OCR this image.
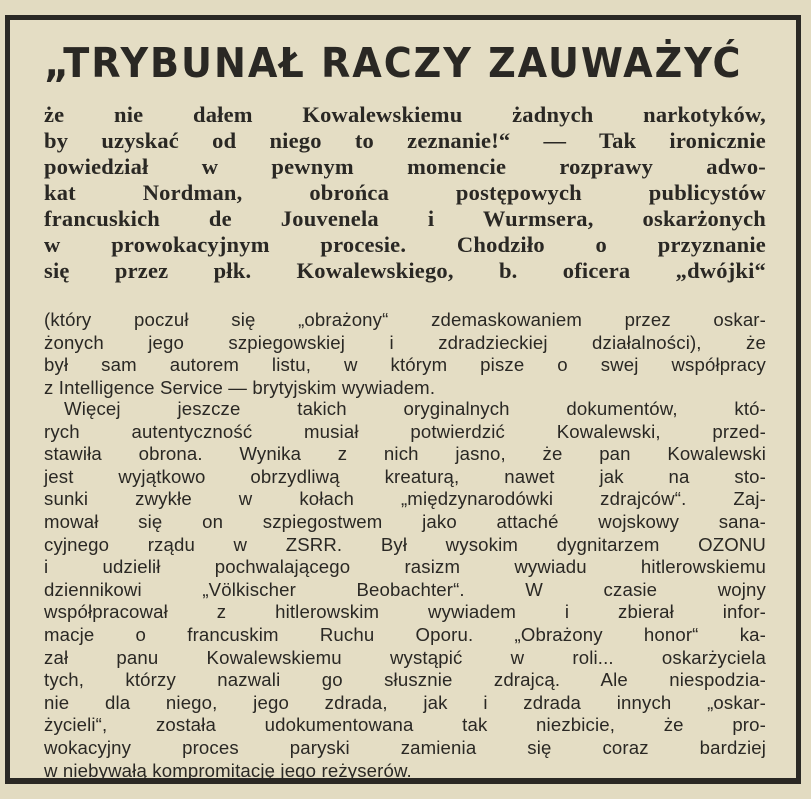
„TRYBUNAŁ RACZY ZAUWAŻYĆ
że nie dałem Kowalewskiemu żadnych narkotyków,
by uzyskać od niego to zeznanie!“ — Tak ironicznie
powiedział w pewnym momencie rozprawy adwo-
kat Nordman, obrońca postępowych publicystów
francuskich de Jouvenela i Wurmsera, oskarżonych
w prowokacyjnym procesie. Chodziło o przyznanie
się przez płk. Kowalewskiego, b. oficera „dwójki“
(który poczuł się „obrażony“ zdemaskowaniem przez oskar-
żonych jego szpiegowskiej i zdradzieckiej działalności), że
był sam autorem listu, w którym pisze o swej współpracy
z Intelligence Service — brytyjskim wywiadem.
Więcej jeszcze takich oryginalnych dokumentów, któ-
rych autentyczność musiał potwierdzić Kowalewski, przed-
stawiła obrona. Wynika z nich jasno, że pan Kowalewski
jest wyjątkowo obrzydliwą kreaturą, nawet jak na sto-
sunki zwykłe w kołach „międzynarodówki zdrajców“. Zaj-
mował się on szpiegostwem jako attaché wojskowy sana-
cyjnego rządu w ZSRR. Był wysokim dygnitarzem OZONU
i udzielił pochwalającego rasizm wywiadu hitlerowskiemu
dziennikowi „Völkischer Beobachter“. W czasie wojny
współpracował z hitlerowskim wywiadem i zbierał infor-
macje o francuskim Ruchu Oporu. „Obrażony honor“ ka-
zał panu Kowalewskiemu wystąpić w roli... oskarżyciela
tych, którzy nazwali go słusznie zdrajcą. Ale niespodzia-
nie dla niego, jego zdrada, jak i zdrada innych „oskar-
życieli“, została udokumentowana tak niezbicie, że pro-
wokacyjny proces paryski zamienia się coraz bardziej
w niebywałą kompromitację jego reżyserów.
